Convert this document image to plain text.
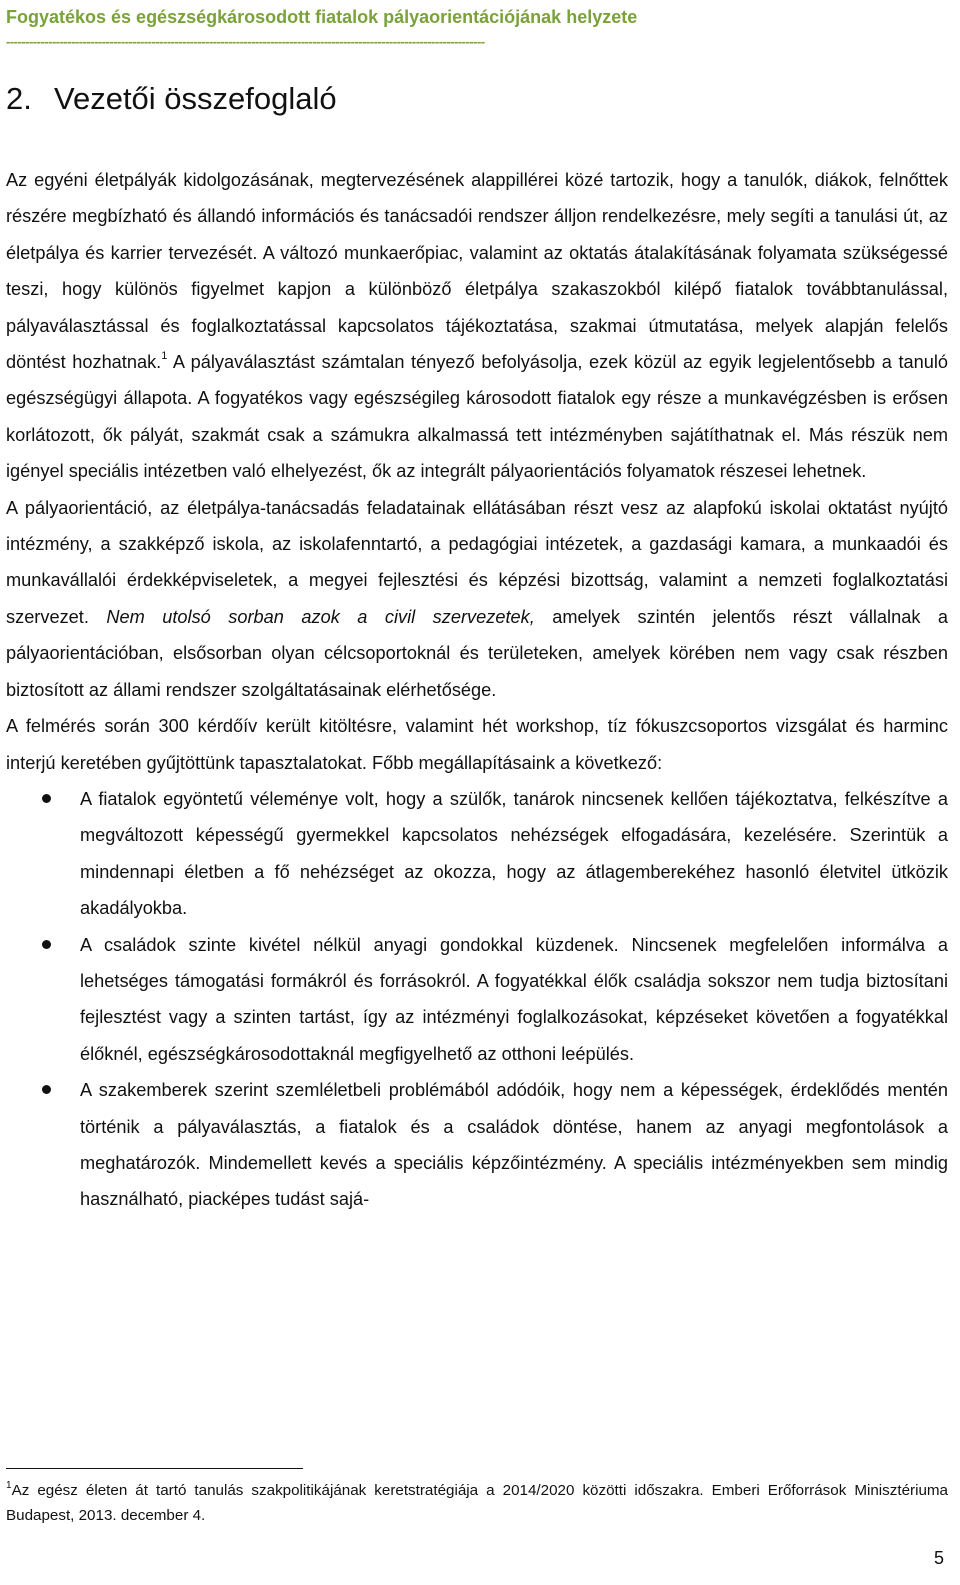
Fogyatékos és egészségkárosodott fiatalok pályaorientációjának helyzete
-----------------------------------------------------------------------------------------------------------------------------
2. Vezetői összefoglaló

Az egyéni életpályák kidolgozásának, megtervezésének alappillérei közé tartozik, hogy a tanulók, diákok, felnőttek részére megbízható és állandó információs és tanácsadói rendszer álljon rendelkezésre, mely segíti a tanulási út, az életpálya és karrier tervezését. A változó munkaerőpiac, valamint az oktatás átalakításának folyamata szükségessé teszi, hogy különös figyelmet kapjon a különböző életpálya szakaszokból kilépő fiatalok továbbtanulással, pályaválasztással és foglalkoztatással kapcsolatos tájékoztatása, szakmai útmutatása, melyek alapján felelős döntést hozhatnak.$^1$ A pályaválasztást számtalan tényező befolyásolja, ezek közül az egyik legjelentősebb a tanuló egészségügyi állapota. A fogyatékos vagy egészségileg károsodott fiatalok egy része a munkavégzésben is erősen korlátozott, ők pályát, szakmát csak a számukra alkalmassá tett intézményben sajátíthatnak el. Más részük nem igényel speciális intézetben való elhelyezést, ők az integrált pályaorientációs folyamatok részesei lehetnek.

A pályaorientáció, az életpálya-tanácsadás feladatainak ellátásában részt vesz az alapfokú iskolai oktatást nyújtó intézmény, a szakképző iskola, az iskolafenntartó, a pedagógiai intézetek, a gazdasági kamara, a munkaadói és munkavállalói érdekképviseletek, a megyei fejlesztési és képzési bizottság, valamint a nemzeti foglalkoztatási szervezet. Nem utolsó sorban azok a civil szervezetek, amelyek szintén jelentős részt vállalnak a pályaorientációban, elsősorban olyan célcsoportoknál és területeken, amelyek körében nem vagy csak részben biztosított az állami rendszer szolgáltatásainak elérhetősége.

A felmérés során 300 kérdőív került kitöltésre, valamint hét workshop, tíz fókuszcsoportos vizsgálat és harminc interjú keretében gyűjtöttünk tapasztalatokat. Főbb megállapításaink a következő:

A fiatalok egyöntetű véleménye volt, hogy a szülők, tanárok nincsenek kellően tájékoztatva, felkészítve a megváltozott képességű gyermekkel kapcsolatos nehézségek elfogadására, kezelésére. Szerintük a mindennapi életben a fő nehézséget az okozza, hogy az átlagemberekéhez hasonló életvitel ütközik akadályokba.
A családok szinte kivétel nélkül anyagi gondokkal küzdenek. Nincsenek megfelelően informálva a lehetséges támogatási formákról és forrásokról. A fogyatékkal élők családja sokszor nem tudja biztosítani fejlesztést vagy a szinten tartást, így az intézményi foglalkozásokat, képzéseket követően a fogyatékkal élőknél, egészségkárosodottaknál megfigyelhető az otthoni leépülés.
A szakemberek szerint szemléletbeli problémából adódóik, hogy nem a képességek, érdeklődés mentén történik a pályaválasztás, a fiatalok és a családok döntése, hanem az anyagi megfontolások a meghatározók. Mindemellett kevés a speciális képzőintézmény. A speciális intézményekben sem mindig használható, piacképes tudást sajá-
$^1$Az egész életen át tartó tanulás szakpolitikájának keretstratégiája a 2014/2020 közötti időszakra. Emberi Erőforrások Minisztériuma Budapest, 2013. december 4.
5
